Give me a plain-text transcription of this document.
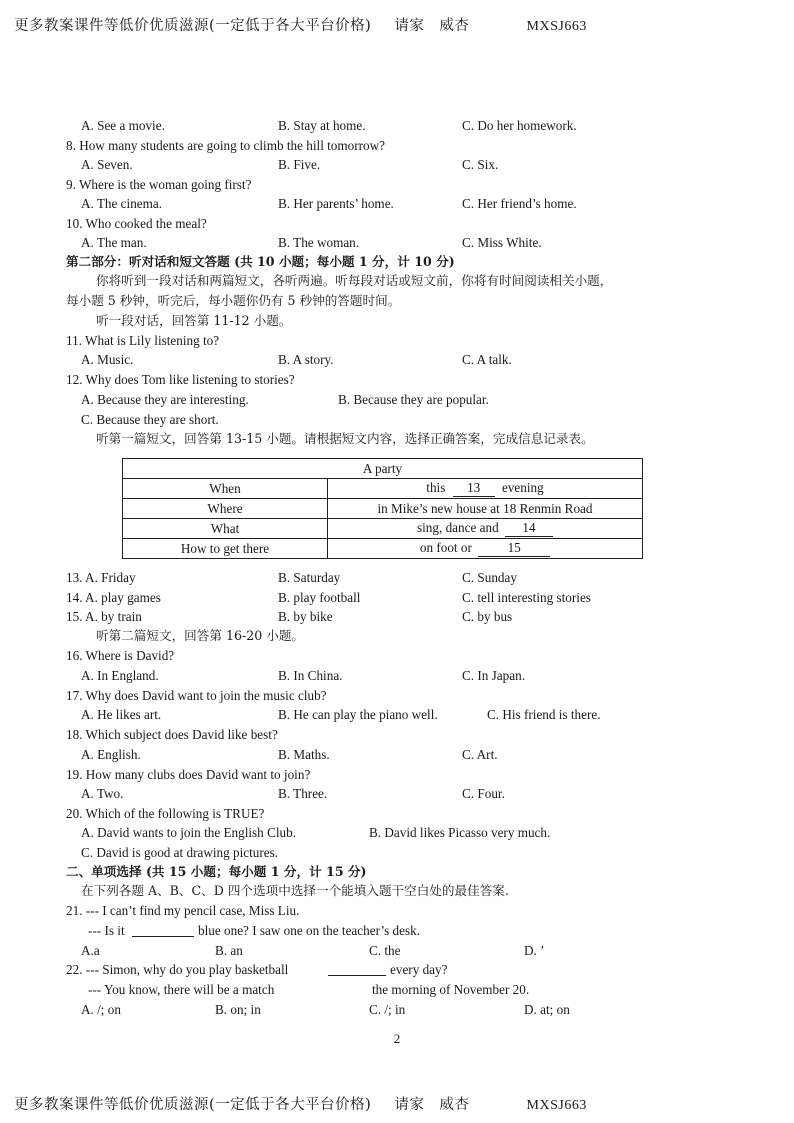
更多教案课件等低价优质滋源(一定低于各大平台价格) 请家　威杏	MXSJ663
A. See a movie.	B. Stay at home.	C. Do her homework.
8. How many students are going to climb the hill tomorrow?
A. Seven.	B. Five.	C. Six.
9. Where is the woman going first?
A. The cinema.	B. Her parents’ home.	C. Her friend’s home.
10. Who cooked the meal?
A. The man.	B. The woman.	C. Miss White.
第二部分：听对话和短文答题 (共 10 小题；每小题 1 分，计 10 分)
你将听到一段对话和两篇短文，各听两遍。听每段对话或短文前，你将有时间阅读相关小题，
每小题 5 秒钟，听完后，每小题你仍有 5 秒钟的答题时间。
听一段对话，回答第 11-12 小题。
11. What is Lily listening to?
A. Music.	B. A story.	C. A talk.
12. Why does Tom like listening to stories?
A. Because they are interesting.	B. Because they are popular.
C. Because they are short.
听第一篇短文，回答第 13-15 小题。请根据短文内容，选择正确答案，完成信息记录表。
A party	
When	this 13 evening
Where	in Mike’s new house at 18 Renmin Road
What	sing, dance and 14
How to get there	on foot or 15
13. A. Friday	B. Saturday	C. Sunday
14. A. play games	B. play football	C. tell interesting stories
15. A. by train	B. by bike	C. by bus
听第二篇短文，回答第 16-20 小题。
16. Where is David?
A. In England.	B. In China.	C. In Japan.
17. Why does David want to join the music club?
A. He likes art.	B. He can play the piano well.	C. His friend is there.
18. Which subject does David like best?
A. English.	B. Maths.	C. Art.
19. How many clubs does David want to join?
A. Two.	B. Three.	C. Four.
20. Which of the following is TRUE?
A. David wants to join the English Club.	B. David likes Picasso very much.
C. David is good at drawing pictures.
二、单项选择 (共 15 小题；每小题 1 分，计 15 分)
在下列各题 A、B、C、D 四个选项中选择一个能填入题干空白处的最佳答案.
21. --- I can’t find my pencil case, Miss Liu.
--- Is it	blue one? I saw one on the teacher’s desk.
A.a	B. an	C. the	D. ’
22. --- Simon, why do you play basketball	every day?
--- You know, there will be a match	the morning of November 20.
A. /; on	B. on; in	C. /; in	D. at; on
2
更多教案课件等低价优质滋源(一定低于各大平台价格) 请家　威杏	MXSJ663
